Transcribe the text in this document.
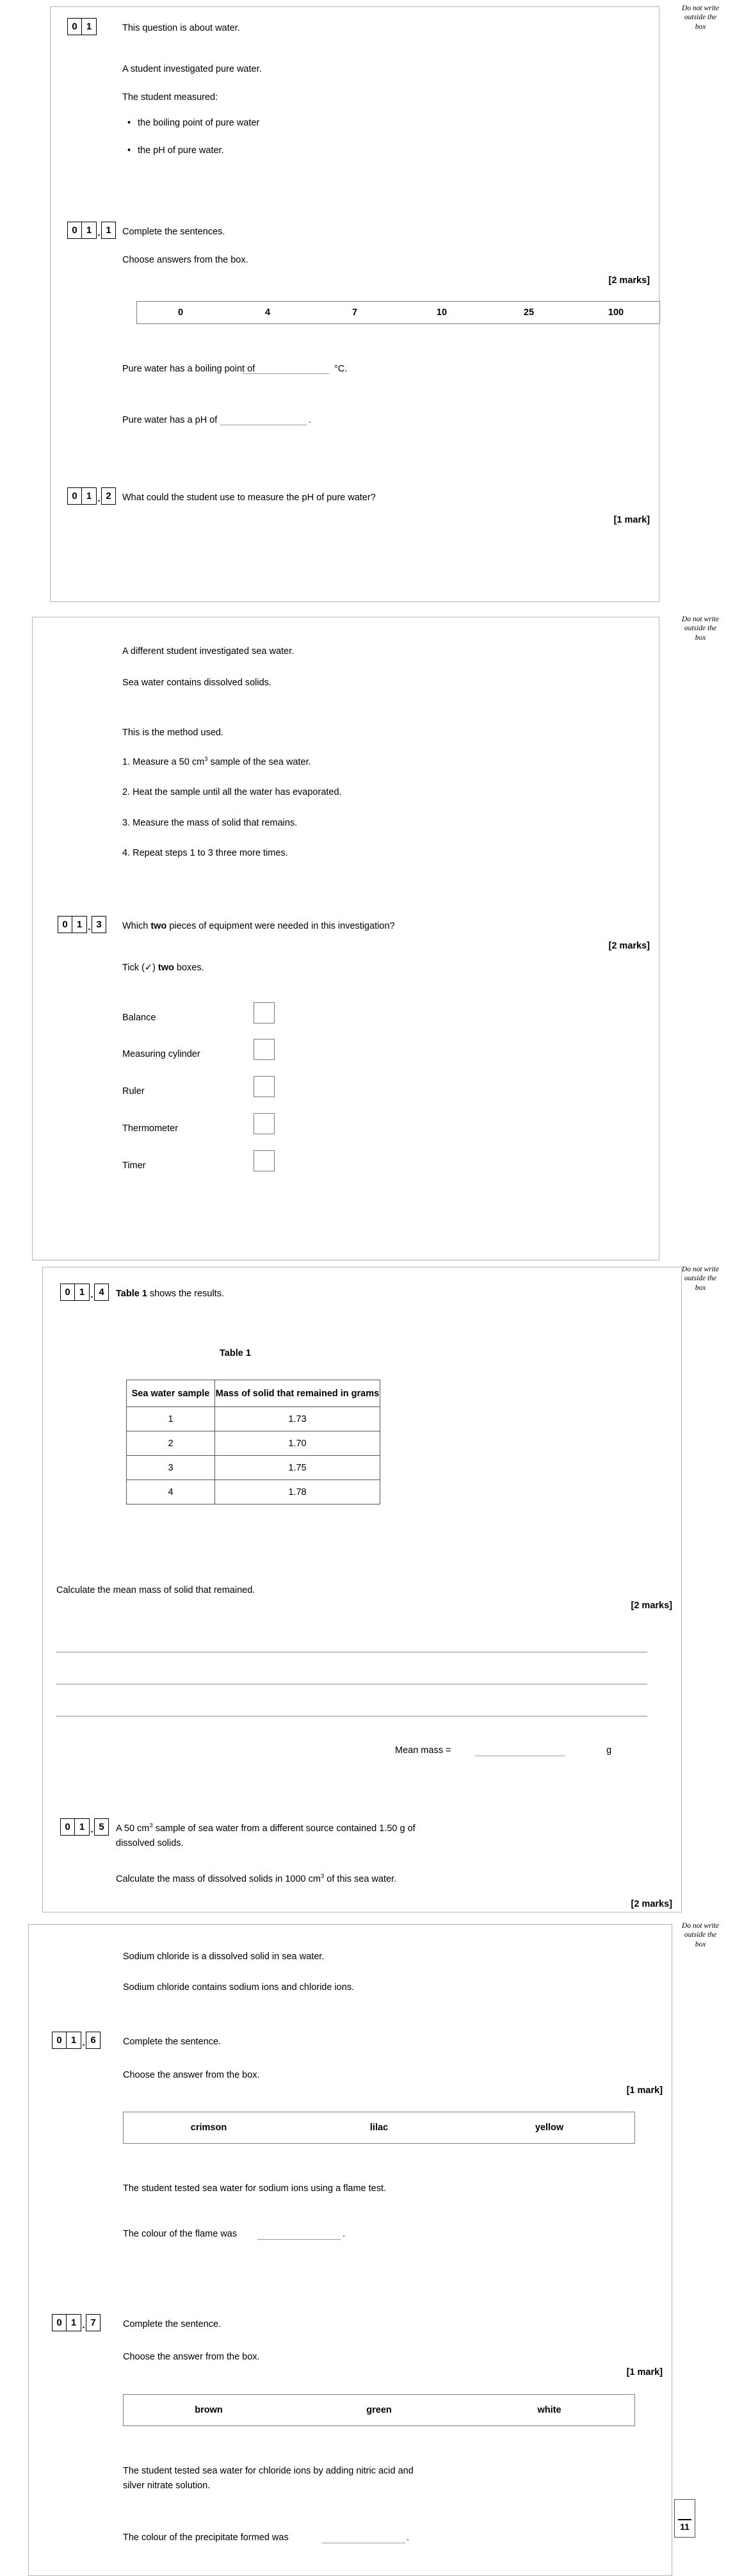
0 1	This question is about water.
A student investigated pure water.
The student measured:
• the boiling point of pure water
• the pH of pure water.
0 1 . 1	Complete the sentences.
Choose answers from the box.
[2 marks]
0	4	7	10	25	100
Pure water has a boiling point of	°C.
Pure water has a pH of	.
0 1 . 2	What could the student use to measure the pH of pure water?
[1 mark]
Do not write
outside the
box
A different student investigated sea water.
Sea water contains dissolved solids.
This is the method used.
1. Measure a 50 $cm^3$ sample of the sea water.
2. Heat the sample until all the water has evaporated.
3. Measure the mass of solid that remains.
4. Repeat steps 1 to 3 three more times.
0 1 . 3	Which two pieces of equipment were needed in this investigation?
[2 marks]
Tick (✓) two boxes.
Balance
Measuring cylinder
Ruler
Thermometer
Timer
Do not write
outside the
box
0 1 . 4	Table 1 shows the results.
Table 1
Sea water sample	Mass of solid that remained in grams
1	1.73
2	1.70
3	1.75
4	1.78
Calculate the mean mass of solid that remained.
[2 marks]
Mean mass =	g
0 1 . 5	A 50 $cm^3$ sample of sea water from a different source contained 1.50 g of
dissolved solids.
Calculate the mass of dissolved solids in 1000 $cm^3$ of this sea water.
[2 marks]
Do not write
outside the
box
Sodium chloride is a dissolved solid in sea water.
Sodium chloride contains sodium ions and chloride ions.
0 1 . 6	Complete the sentence.
Choose the answer from the box.
[1 mark]
crimson	lilac	yellow
The student tested sea water for sodium ions using a flame test.
The colour of the flame was	.
0 1 . 7	Complete the sentence.
Choose the answer from the box.
[1 mark]
brown	green	white
The student tested sea water for chloride ions by adding nitric acid and
silver nitrate solution.
The colour of the precipitate formed was	.
Do not write
outside the
box
11
